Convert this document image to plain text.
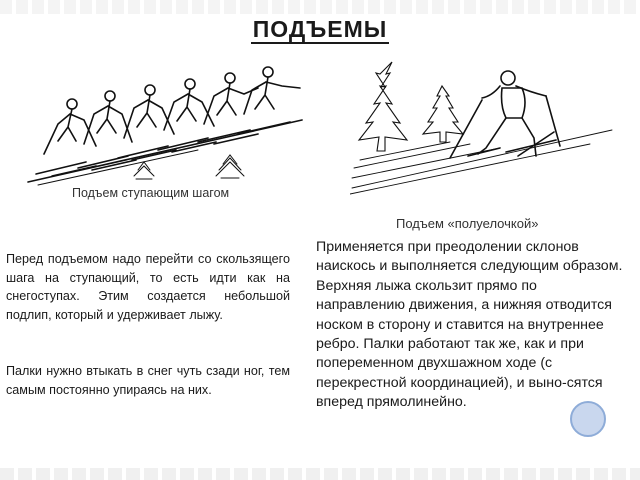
ПОДЪЕМЫ
Подъем ступающим шагом
Подъем «полуелочкой»

Перед подъемом надо перейти со скользящего шага на ступающий, то есть идти как на снегоступах. Этим создается небольшой подлип, который и удерживает лыжу.

Палки нужно втыкать в снег чуть сзади ног, тем самым постоянно упираясь на них.

Применяется при преодолении склонов наискось и выполняется следующим образом. Верхняя лыжа скользит прямо по направлению движения, а нижняя отводится носком в сторону и ставится на внутреннее ребро. Палки работают так же, как и при попеременном двухшажном ходе (с перекрестной координацией), и выно-сятся вперед прямолинейно.
